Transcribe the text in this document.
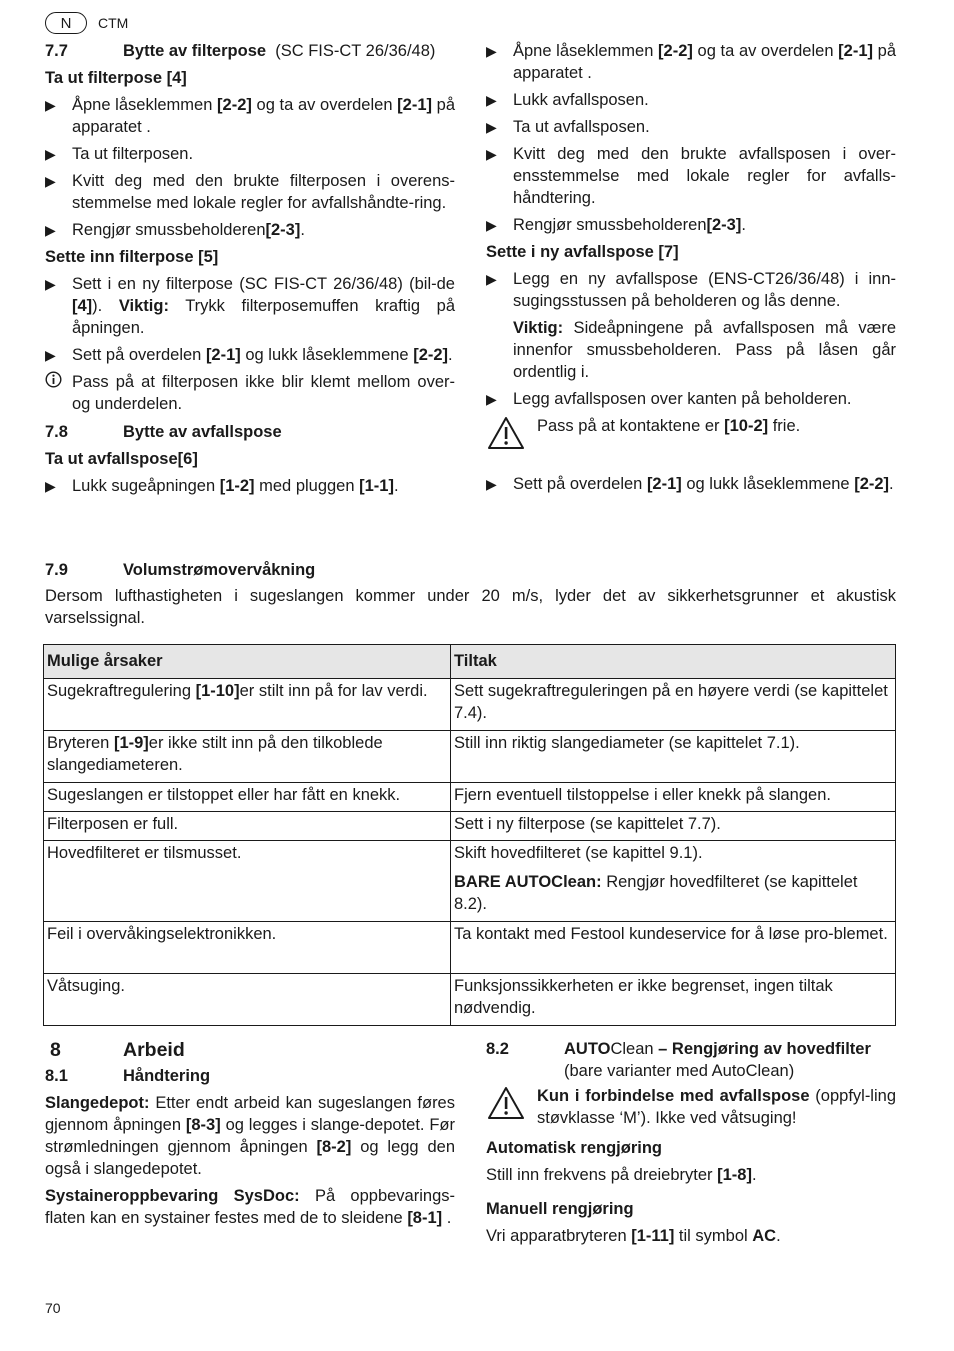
N	CTM
7.7	Bytte av filterpose (SC FIS-CT 26/36/48)
Ta ut filterpose [4]
▶ Åpne låseklemmen [2-2] og ta av overdelen [2-1] på apparatet .
▶ Ta ut filterposen.
▶ Kvitt deg med den brukte filterposen i overens-stemmelse med lokale regler for avfallshåndte-ring.
▶ Rengjør smussbeholderen[2-3].
Sette inn filterpose [5]
▶ Sett i en ny filterpose (SC FIS-CT 26/36/48) (bil-de [4]). Viktig: Trykk filterposemuffen kraftig på åpningen.
▶ Sett på overdelen [2-1] og lukk låseklemmene [2-2].
Pass på at filterposen ikke blir klemt mellom over- og underdelen.
7.8	Bytte av avfallspose
Ta ut avfallspose[6]
▶ Lukk sugeåpningen [1-2] med pluggen [1-1].
▶ Åpne låseklemmen [2-2] og ta av overdelen [2-1] på apparatet .
▶ Lukk avfallsposen.
▶ Ta ut avfallsposen.
▶ Kvitt deg med den brukte avfallsposen i over-ensstemmelse med lokale regler for avfalls-håndtering.
▶ Rengjør smussbeholderen[2-3].
Sette i ny avfallspose [7]
▶ Legg en ny avfallspose (ENS-CT26/36/48) i inn-sugingsstussen på beholderen og lås denne.
Viktig: Sideåpningene på avfallsposen må være innenfor smussbeholderen. Pass på låsen går ordentlig i.
▶ Legg avfallsposen over kanten på beholderen.
Pass på at kontaktene er [10-2] frie.
▶ Sett på overdelen [2-1] og lukk låseklemmene [2-2].
7.9	Volumstrømovervåkning
Dersom lufthastigheten i sugeslangen kommer under 20 m/s, lyder det av sikkerhetsgrunner et akustisk varselssignal.
Mulige årsaker	Tiltak
Sugekraftregulering [1-10]er stilt inn på for lav verdi.	Sett sugekraftreguleringen på en høyere verdi (se kapittelet 7.4).
Bryteren [1-9]er ikke stilt inn på den tilkoblede slangediameteren.	Still inn riktig slangediameter (se kapittelet 7.1).
Sugeslangen er tilstoppet eller har fått en knekk.	Fjern eventuell tilstoppelse i eller knekk på slangen.
Filterposen er full.	Sett i ny filterpose (se kapittelet 7.7).
Hovedfilteret er tilsmusset.	Skift hovedfilteret (se kapittel 9.1).

BARE AUTOClean: Rengjør hovedfilteret (se kapittelet 8.2).

Feil i overvåkingselektronikken.	Ta kontakt med Festool kundeservice for å løse pro-blemet.
Våtsuging.	Funksjonssikkerheten er ikke begrenset, ingen tiltak nødvendig.
8	Arbeid
8.1	Håndtering
Slangedepot: Etter endt arbeid kan sugeslangen føres gjennom åpningen [8-3] og legges i slange-depotet. Før strømledningen gjennom åpningen [8-2] og legg den også i slangedepotet.
Systaineroppbevaring SysDoc: På oppbevarings-flaten kan en systainer festes med de to sleidene [8-1] .
8.2	AUTOClean – Rengjøring av hovedfilter
(bare varianter med AutoClean)
Kun i forbindelse med avfallspose (oppfyl-ling støvklasse ‘M’). Ikke ved våtsuging!
Automatisk rengjøring
Still inn frekvens på dreiebryter [1-8].
Manuell rengjøring
Vri apparatbryteren [1-11] til symbol AC.
70
